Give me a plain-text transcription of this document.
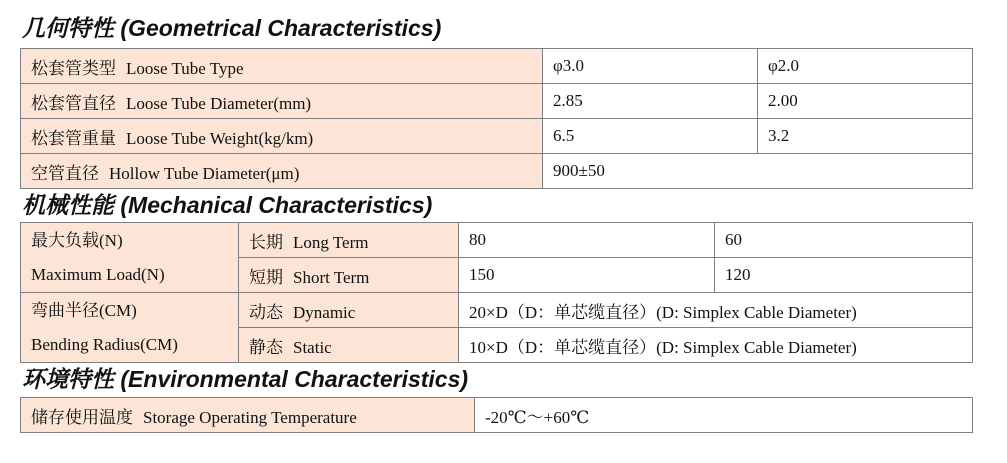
几何特性 (Geometrical Characteristics)
松套管类型 Loose Tube Type	φ3.0	φ2.0
松套管直径 Loose Tube Diameter(mm)	2.85	2.00
松套管重量 Loose Tube Weight(kg/km)	6.5	3.2
空管直径 Hollow Tube Diameter(μm)	900±50	
机械性能 (Mechanical Characteristics)
最大负载(N)
Maximum Load(N)	长期 Long Term	80	60
	短期 Short Term	150	120

弯曲半径(CM)
Bending Radius(CM)	动态 Dynamic	20×D（D：单芯缆直径）(D: Simplex Cable Diameter)	
	静态 Static	10×D（D：单芯缆直径）(D: Simplex Cable Diameter)	
环境特性 (Environmental Characteristics)
储存使用温度 Storage Operating Temperature	-20℃～+60℃
